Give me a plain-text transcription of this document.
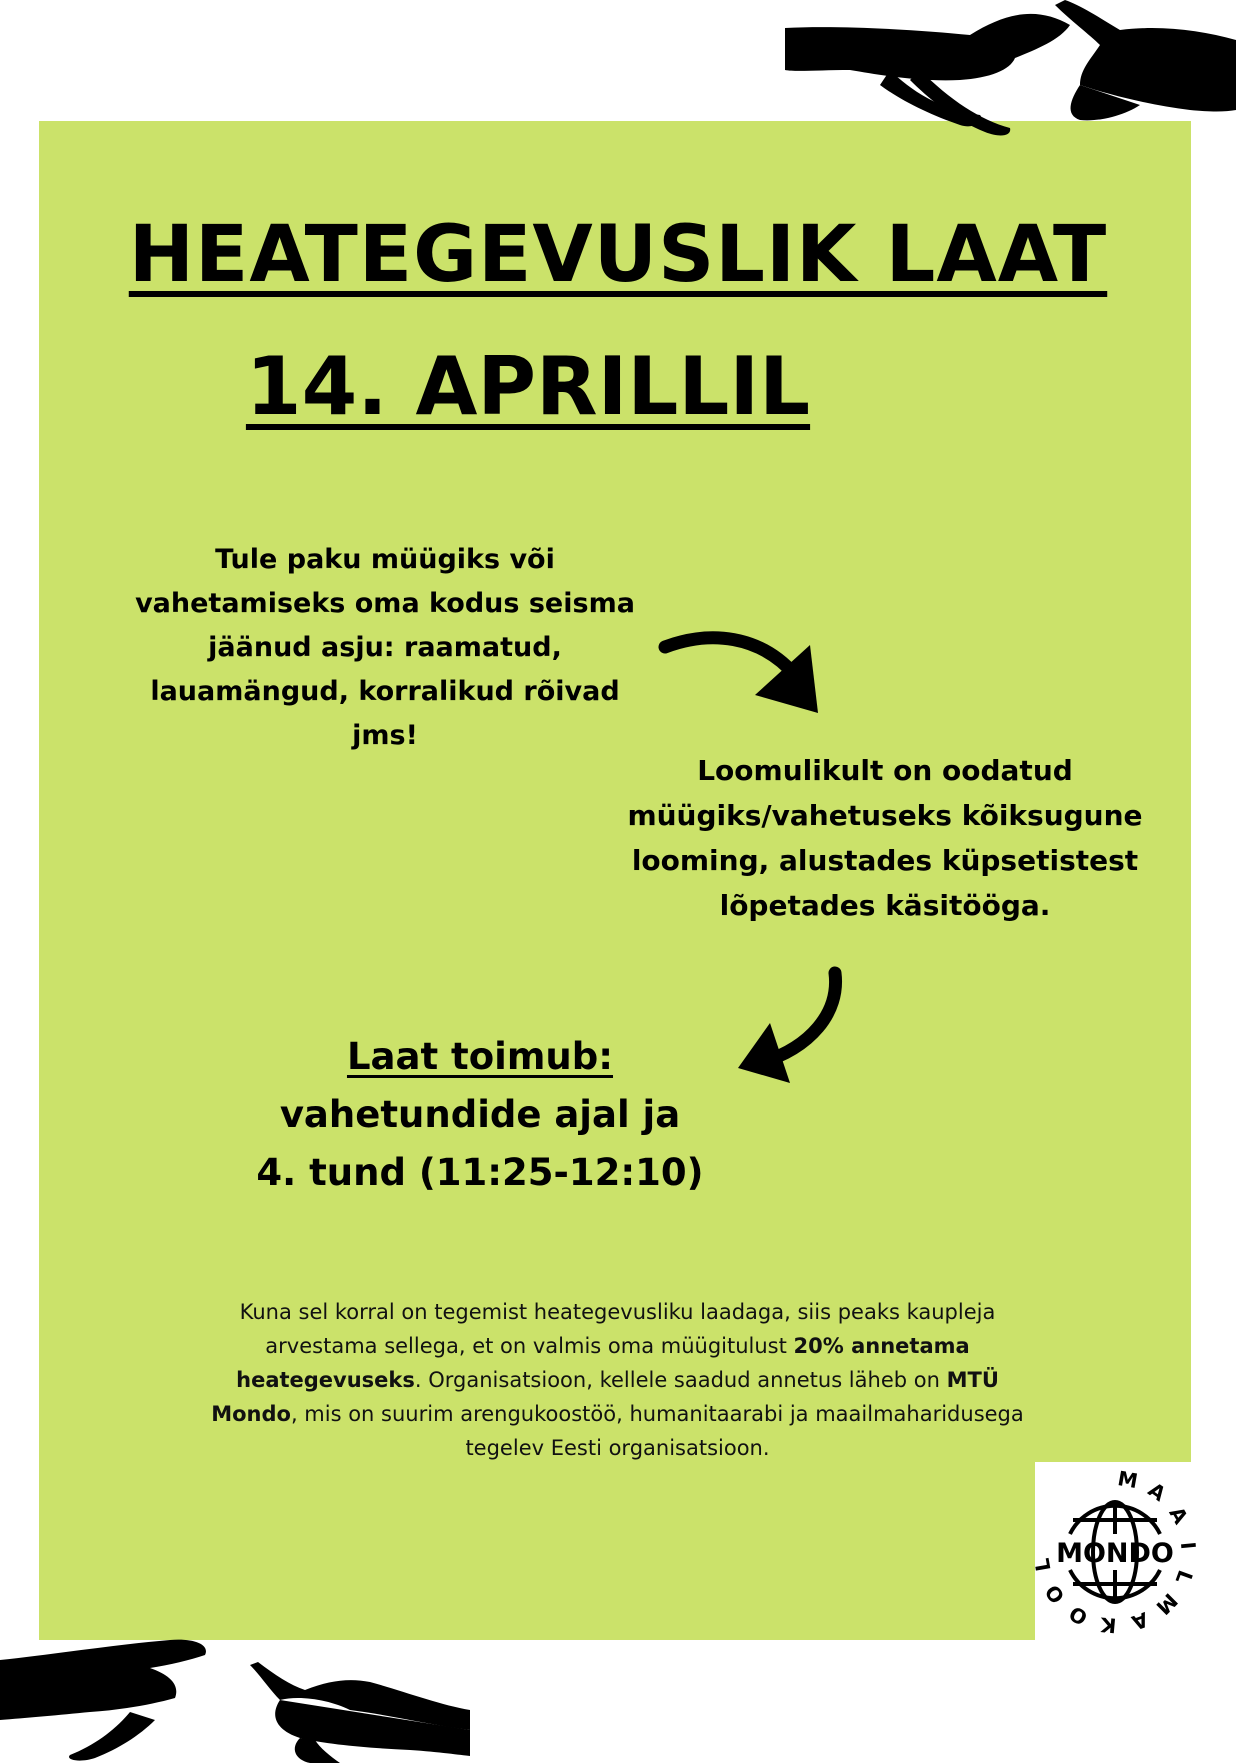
HEATEGEVUSLIK LAAT
14. APRILLIL

Tule paku müügiks või vahetamiseks oma kodus seisma jäänud asju: raamatud, lauamängud, korralikud rõivad jms!

Loomulikult on oodatud müügiks/vahetuseks kõiksugune looming, alustades küpsetistest lõpetades käsitööga.

Laat toimub:
vahetundide ajal ja
4. tund (11:25-12:10)

Kuna sel korral on tegemist heategevusliku laadaga, siis peaks kaupleja arvestama sellega, et on valmis oma müügitulust 20% annetama heategevuseks. Organisatsioon, kellele saadud annetus läheb on MTÜ Mondo, mis on suurim arengukoostöö, humanitaarabi ja maailmaharidusega tegelev Eesti organisatsioon.

MONDO
M A
A
I
L
M
A
K
O
O
L
